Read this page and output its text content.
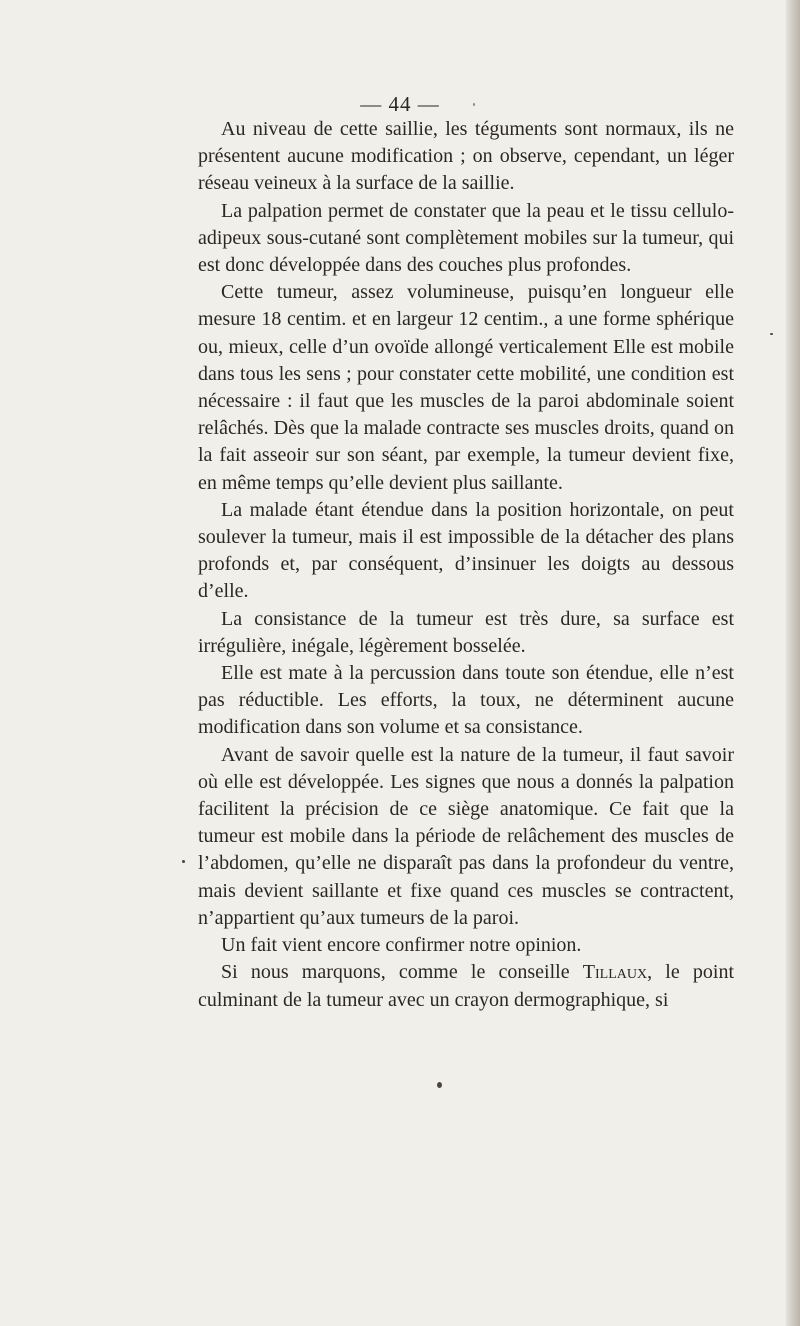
— 44 —

Au niveau de cette saillie, les téguments sont normaux, ils ne présentent aucune modification ; on observe, cependant, un léger réseau veineux à la surface de la saillie.

La palpation permet de constater que la peau et le tissu cellulo-adipeux sous-cutané sont complètement mobiles sur la tumeur, qui est donc développée dans des couches plus profondes.

Cette tumeur, assez volumineuse, puisqu’en longueur elle mesure 18 centim. et en largeur 12 centim., a une forme sphérique ou, mieux, celle d’un ovoïde allongé verticalement Elle est mobile dans tous les sens ; pour constater cette mobilité, une condition est nécessaire : il faut que les muscles de la paroi abdominale soient relâchés. Dès que la malade contracte ses muscles droits, quand on la fait asseoir sur son séant, par exemple, la tumeur devient fixe, en même temps qu’elle devient plus saillante.

La malade étant étendue dans la position horizontale, on peut soulever la tumeur, mais il est impossible de la détacher des plans profonds et, par conséquent, d’insinuer les doigts au dessous d’elle.

La consistance de la tumeur est très dure, sa surface est irrégulière, inégale, légèrement bosselée.

Elle est mate à la percussion dans toute son étendue, elle n’est pas réductible. Les efforts, la toux, ne déterminent aucune modification dans son volume et sa consistance.

Avant de savoir quelle est la nature de la tumeur, il faut savoir où elle est développée. Les signes que nous a donnés la palpation facilitent la précision de ce siège anatomique. Ce fait que la tumeur est mobile dans la période de relâchement des muscles de l’abdomen, qu’elle ne disparaît pas dans la profondeur du ventre, mais devient saillante et fixe quand ces muscles se contractent, n’appartient qu’aux tumeurs de la paroi.

Un fait vient encore confirmer notre opinion.

Si nous marquons, comme le conseille Tillaux, le point culminant de la tumeur avec un crayon dermographique, si
